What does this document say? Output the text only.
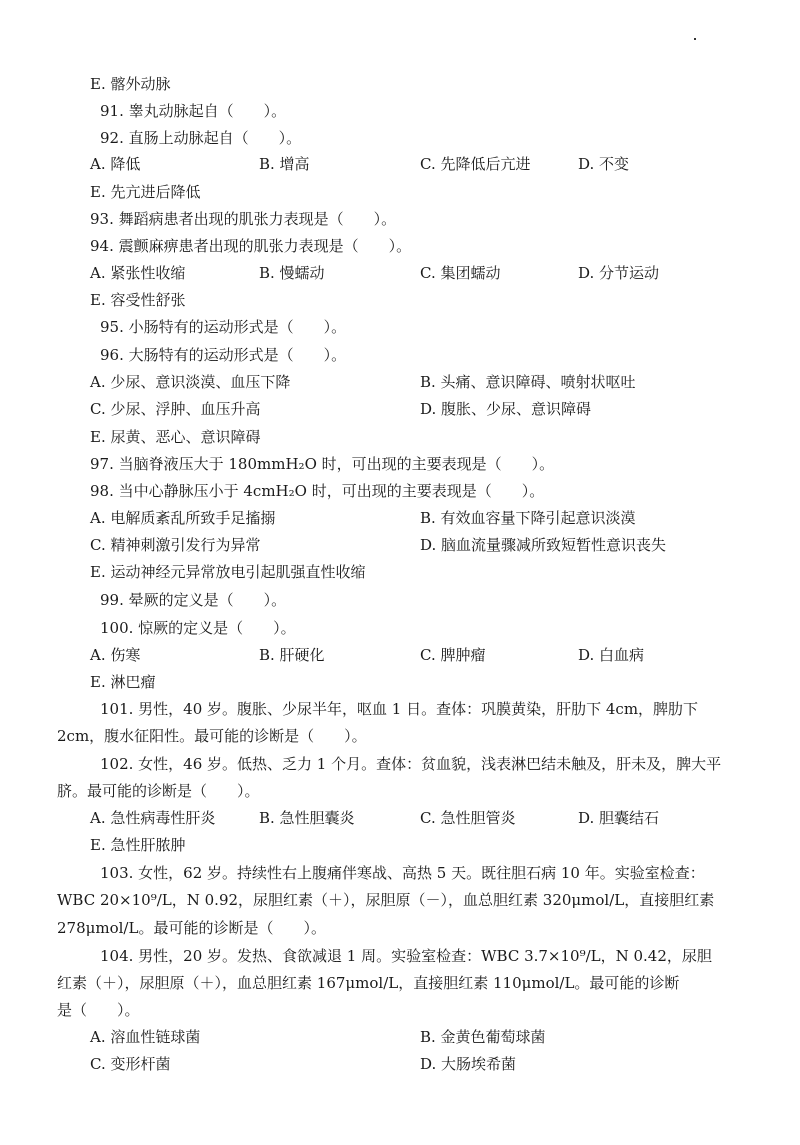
E. 髂外动脉
91. 睾丸动脉起自（　　）。
92. 直肠上动脉起自（　　）。
A. 降低	B. 增高	C. 先降低后亢进	D. 不变
E. 先亢进后降低
93. 舞蹈病患者出现的肌张力表现是（　　）。
94. 震颤麻痹患者出现的肌张力表现是（　　）。
A. 紧张性收缩	B. 慢蠕动	C. 集团蠕动	D. 分节运动
E. 容受性舒张
95. 小肠特有的运动形式是（　　）。
96. 大肠特有的运动形式是（　　）。
A. 少尿、意识淡漠、血压下降	B. 头痛、意识障碍、喷射状呕吐
C. 少尿、浮肿、血压升高	D. 腹胀、少尿、意识障碍
E. 尿黄、恶心、意识障碍
97. 当脑脊液压大于 180mmH₂O 时，可出现的主要表现是（　　）。
98. 当中心静脉压小于 4cmH₂O 时，可出现的主要表现是（　　）。
A. 电解质紊乱所致手足搐搦	B. 有效血容量下降引起意识淡漠
C. 精神刺激引发行为异常	D. 脑血流量骤减所致短暂性意识丧失
E. 运动神经元异常放电引起肌强直性收缩
99. 晕厥的定义是（　　）。
100. 惊厥的定义是（　　）。
A. 伤寒	B. 肝硬化	C. 脾肿瘤	D. 白血病
E. 淋巴瘤
101. 男性，40 岁。腹胀、少尿半年，呕血 1 日。查体：巩膜黄染，肝肋下 4cm，脾肋下
2cm，腹水征阳性。最可能的诊断是（　　）。
102. 女性，46 岁。低热、乏力 1 个月。查体：贫血貌，浅表淋巴结未触及，肝未及，脾大平
脐。最可能的诊断是（　　）。
A. 急性病毒性肝炎	B. 急性胆囊炎	C. 急性胆管炎	D. 胆囊结石
E. 急性肝脓肿
103. 女性，62 岁。持续性右上腹痛伴寒战、高热 5 天。既往胆石病 10 年。实验室检查：
WBC 20×10⁹/L，N 0.92，尿胆红素（＋），尿胆原（－），血总胆红素 320μmol/L，直接胆红素
278μmol/L。最可能的诊断是（　　）。
104. 男性，20 岁。发热、食欲减退 1 周。实验室检查：WBC 3.7×10⁹/L，N 0.42，尿胆
红素（＋），尿胆原（＋），血总胆红素 167μmol/L，直接胆红素 110μmol/L。最可能的诊断
是（　　）。
A. 溶血性链球菌	B. 金黄色葡萄球菌
C. 变形杆菌	D. 大肠埃希菌
